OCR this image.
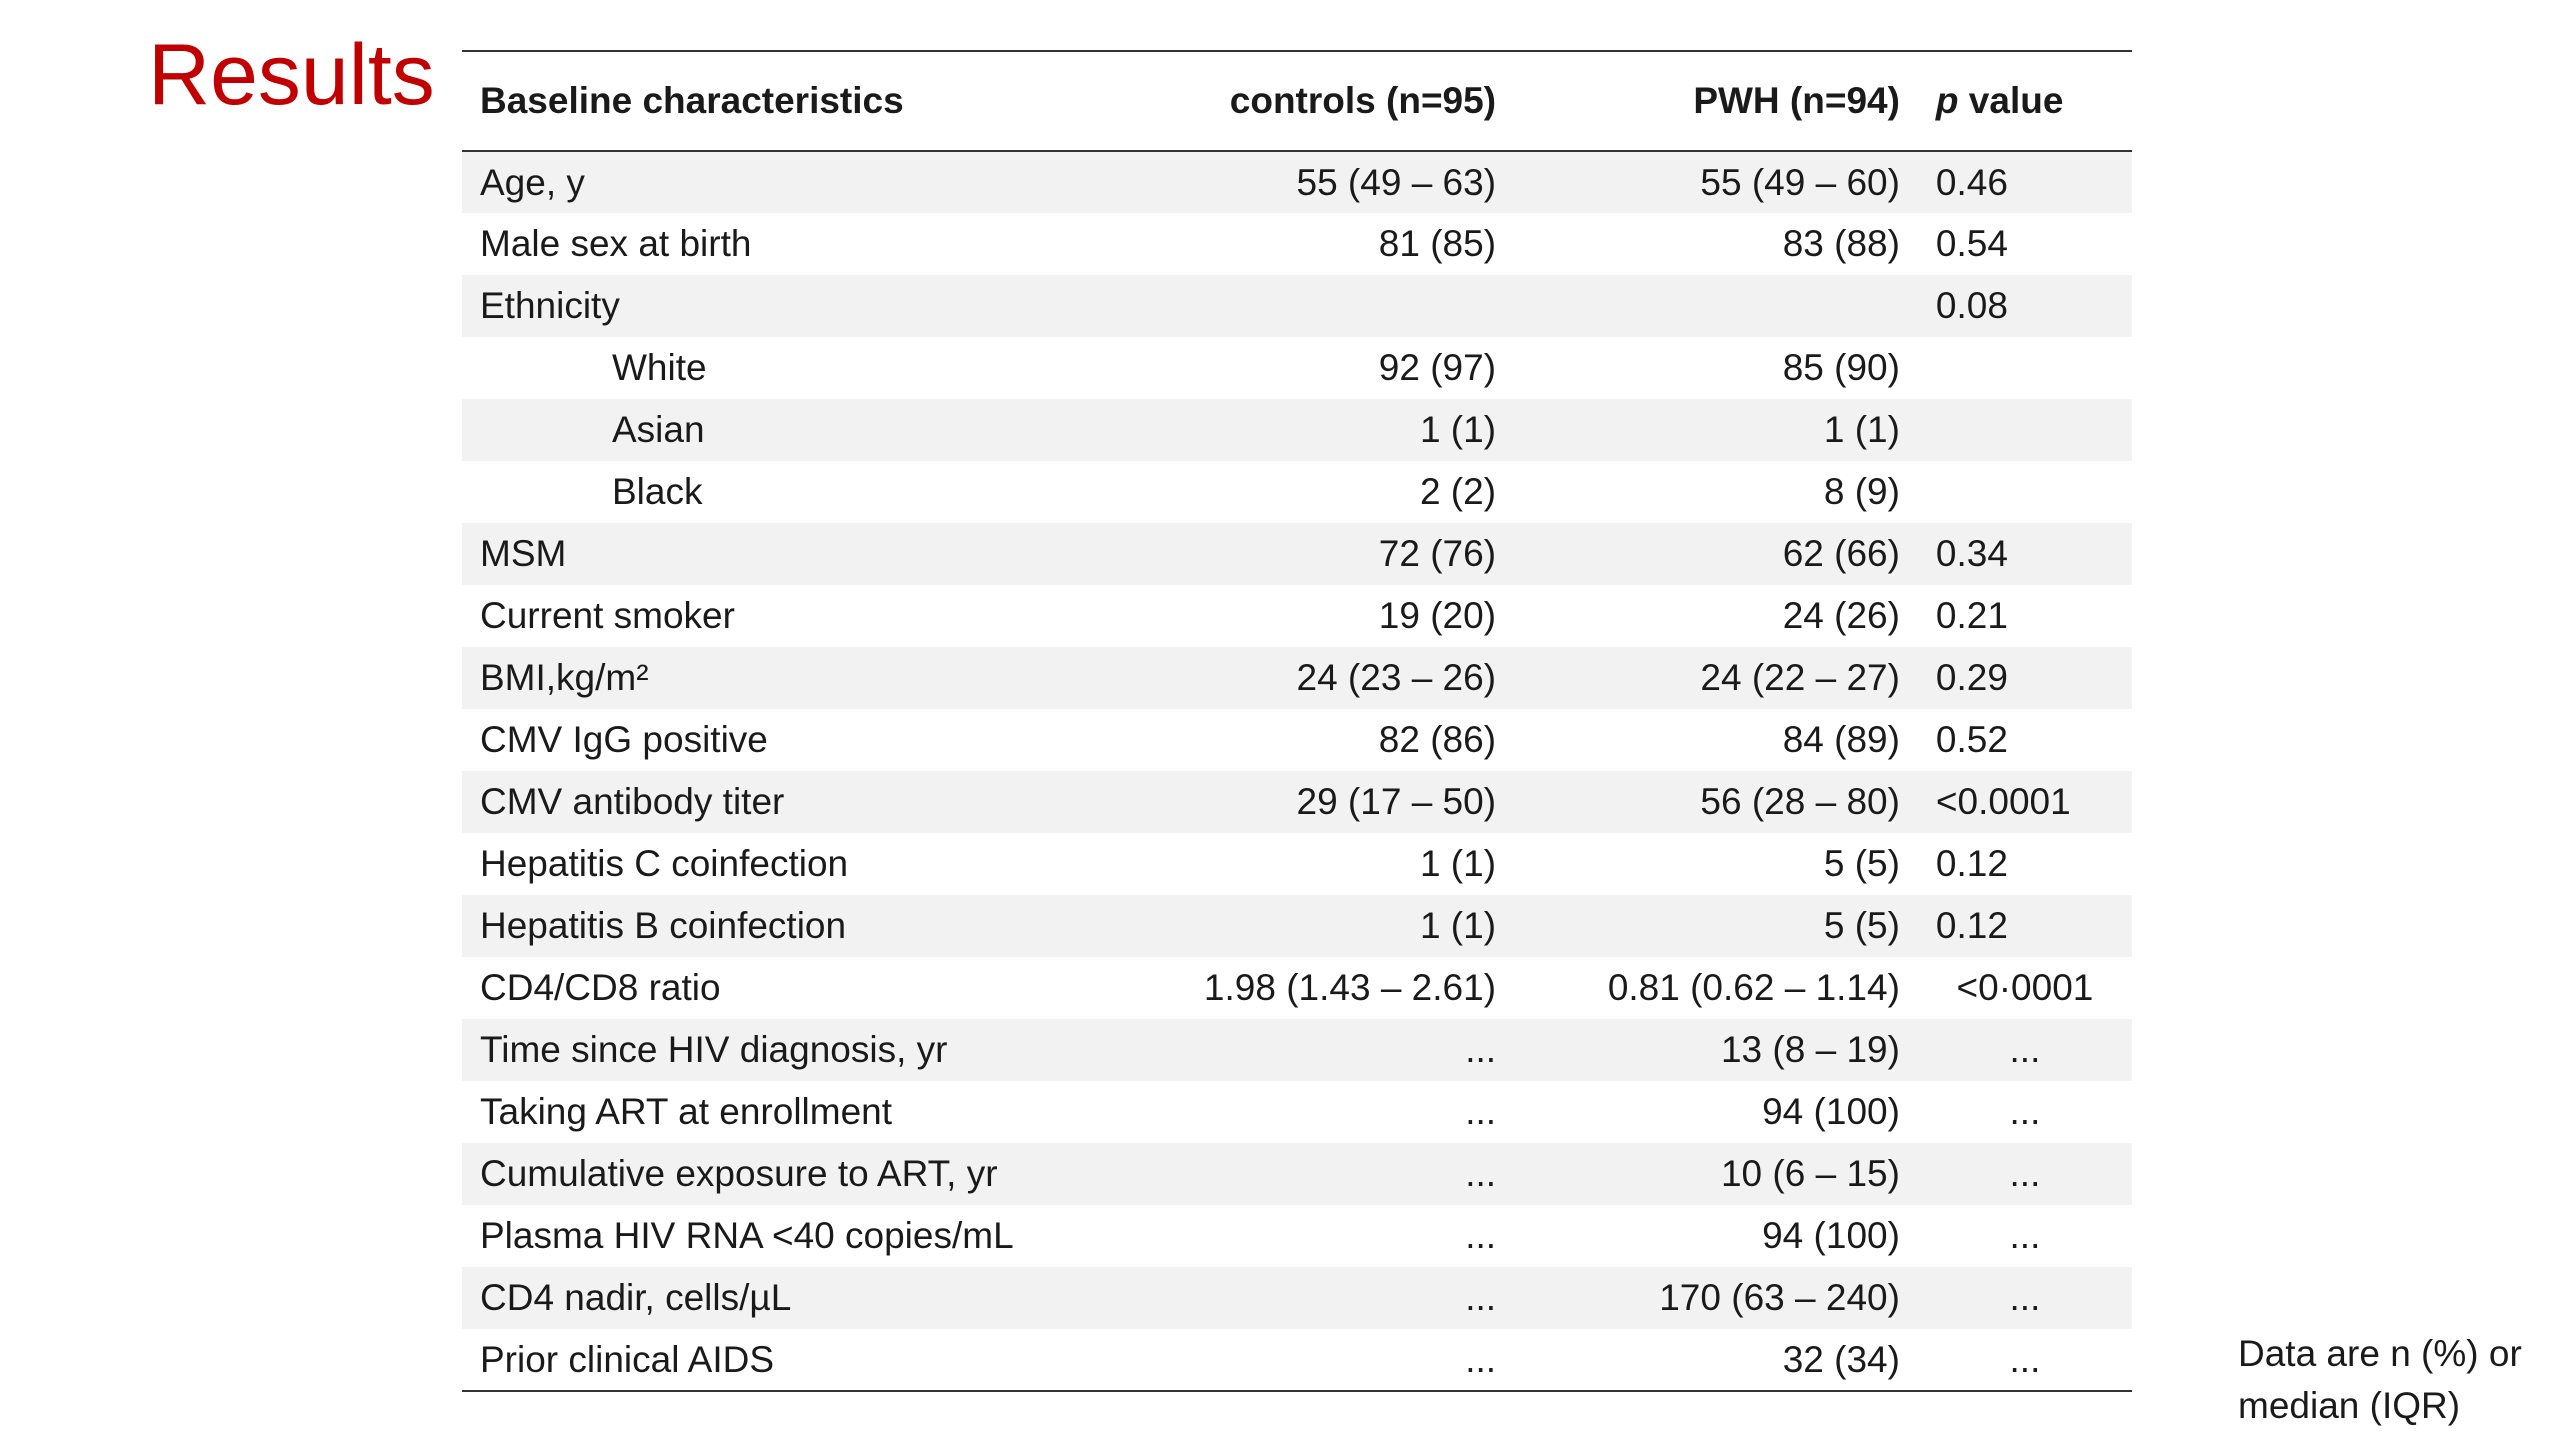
Results Baseline characteristics	controls (n=95)	PWH (n=94)	p value
Age, y	55 (49 – 63)	55 (49 – 60)	0.46
Male sex at birth	81 (85)	83 (88)	0.54
Ethnicity			0.08
White	92 (97)	85 (90)	
Asian	1 (1)	1 (1)	
Black	2 (2)	8 (9)	
MSM	72 (76)	62 (66)	0.34
Current smoker	19 (20)	24 (26)	0.21
BMI,kg/m²	24 (23 – 26)	24 (22 – 27)	0.29
CMV IgG positive	82 (86)	84 (89)	0.52
CMV antibody titer	29 (17 – 50)	56 (28 – 80)	<0.0001
Hepatitis C coinfection	1 (1)	5 (5)	0.12
Hepatitis B coinfection	1 (1)	5 (5)	0.12
CD4/CD8 ratio	1.98 (1.43 – 2.61)	0.81 (0.62 – 1.14)	<0·0001
Time since HIV diagnosis, yr	...	13 (8 – 19)	...
Taking ART at enrollment	...	94 (100)	...
Cumulative exposure to ART, yr	...	10 (6 – 15)	...
Plasma HIV RNA <40 copies/mL	...	94 (100)	...
CD4 nadir, cells/µL	...	170 (63 – 240)	...
Prior clinical AIDS	...	32 (34)	...	Data are n (%) or
median (IQR)
